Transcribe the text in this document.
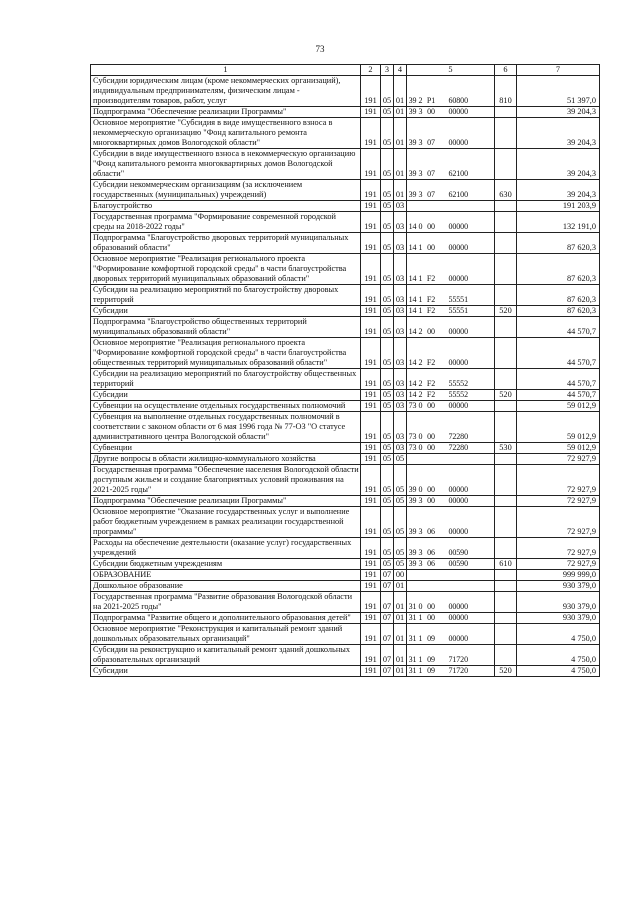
73
1	2	3	4	5	6	7
Субсидии юридическим лицам (кроме некоммерческих организаций), индивидуальным предпринимателям, физическим лицам - производителям товаров, работ, услуг	191	05	01	39 2 P1 60800	810	51 397,0
Подпрограмма "Обеспечение реализации Программы"	191	05	01	39 3 00 00000		39 204,3
Основное мероприятие "Субсидия в виде имущественного взноса в некоммерческую организацию "Фонд капитального ремонта многоквартирных домов Вологодской области"	191	05	01	39 3 07 00000		39 204,3
Субсидии в виде имущественного взноса в некоммерческую организацию "Фонд капитального ремонта многоквартирных домов Вологодской области"	191	05	01	39 3 07 62100		39 204,3
Субсидии некоммерческим организациям (за исключением государственных (муниципальных) учреждений)	191	05	01	39 3 07 62100	630	39 204,3
Благоустройство	191	05	03			191 203,9
Государственная программа "Формирование современной городской среды на 2018-2022 годы"	191	05	03	14 0 00 00000		132 191,0
Подпрограмма "Благоустройство дворовых территорий муниципальных образований области"	191	05	03	14 1 00 00000		87 620,3
Основное мероприятие "Реализация регионального проекта "Формирование комфортной городской среды" в части благоустройства дворовых территорий муниципальных образований области"	191	05	03	14 1 F2 00000		87 620,3
Субсидии на реализацию мероприятий по благоустройству дворовых территорий	191	05	03	14 1 F2 55551		87 620,3
Субсидии	191	05	03	14 1 F2 55551	520	87 620,3
Подпрограмма "Благоустройство общественных территорий муниципальных образований области"	191	05	03	14 2 00 00000		44 570,7
Основное мероприятие "Реализация регионального проекта "Формирование комфортной городской среды" в части благоустройства общественных территорий муниципальных образований области"	191	05	03	14 2 F2 00000		44 570,7
Субсидии на реализацию мероприятий по благоустройству общественных территорий	191	05	03	14 2 F2 55552		44 570,7
Субсидии	191	05	03	14 2 F2 55552	520	44 570,7
Субвенции на осуществление отдельных государственных полномочий	191	05	03	73 0 00 00000		59 012,9
Субвенция на выполнение отдельных государственных полномочий в соответствии с законом области от 6 мая 1996 года № 77-ОЗ "О статусе административного центра Вологодской области"	191	05	03	73 0 00 72280		59 012,9
Субвенции	191	05	03	73 0 00 72280	530	59 012,9
Другие вопросы в области жилищно-коммунального хозяйства	191	05	05			72 927,9
Государственная программа "Обеспечение населения Вологодской области доступным жильем и создание благоприятных условий проживания на 2021-2025 годы"	191	05	05	39 0 00 00000		72 927,9
Подпрограмма "Обеспечение реализации Программы"	191	05	05	39 3 00 00000		72 927,9
Основное мероприятие "Оказание государственных услуг и выполнение работ бюджетным учреждением в рамках реализации государственной программы"	191	05	05	39 3 06 00000		72 927,9
Расходы на обеспечение деятельности (оказание услуг) государственных учреждений	191	05	05	39 3 06 00590		72 927,9
Субсидии бюджетным учреждениям	191	05	05	39 3 06 00590	610	72 927,9
ОБРАЗОВАНИЕ	191	07	00			999 999,0
Дошкольное образование	191	07	01			930 379,0
Государственная программа "Развитие образования Вологодской области на 2021-2025 годы"	191	07	01	31 0 00 00000		930 379,0
Подпрограмма "Развитие общего и дополнительного образования детей"	191	07	01	31 1 00 00000		930 379,0
Основное мероприятие "Реконструкция и капитальный ремонт зданий дошкольных образовательных организаций"	191	07	01	31 1 09 00000		4 750,0
Субсидии на реконструкцию и капитальный ремонт зданий дошкольных образовательных организаций	191	07	01	31 1 09 71720		4 750,0
Субсидии	191	07	01	31 1 09 71720	520	4 750,0
